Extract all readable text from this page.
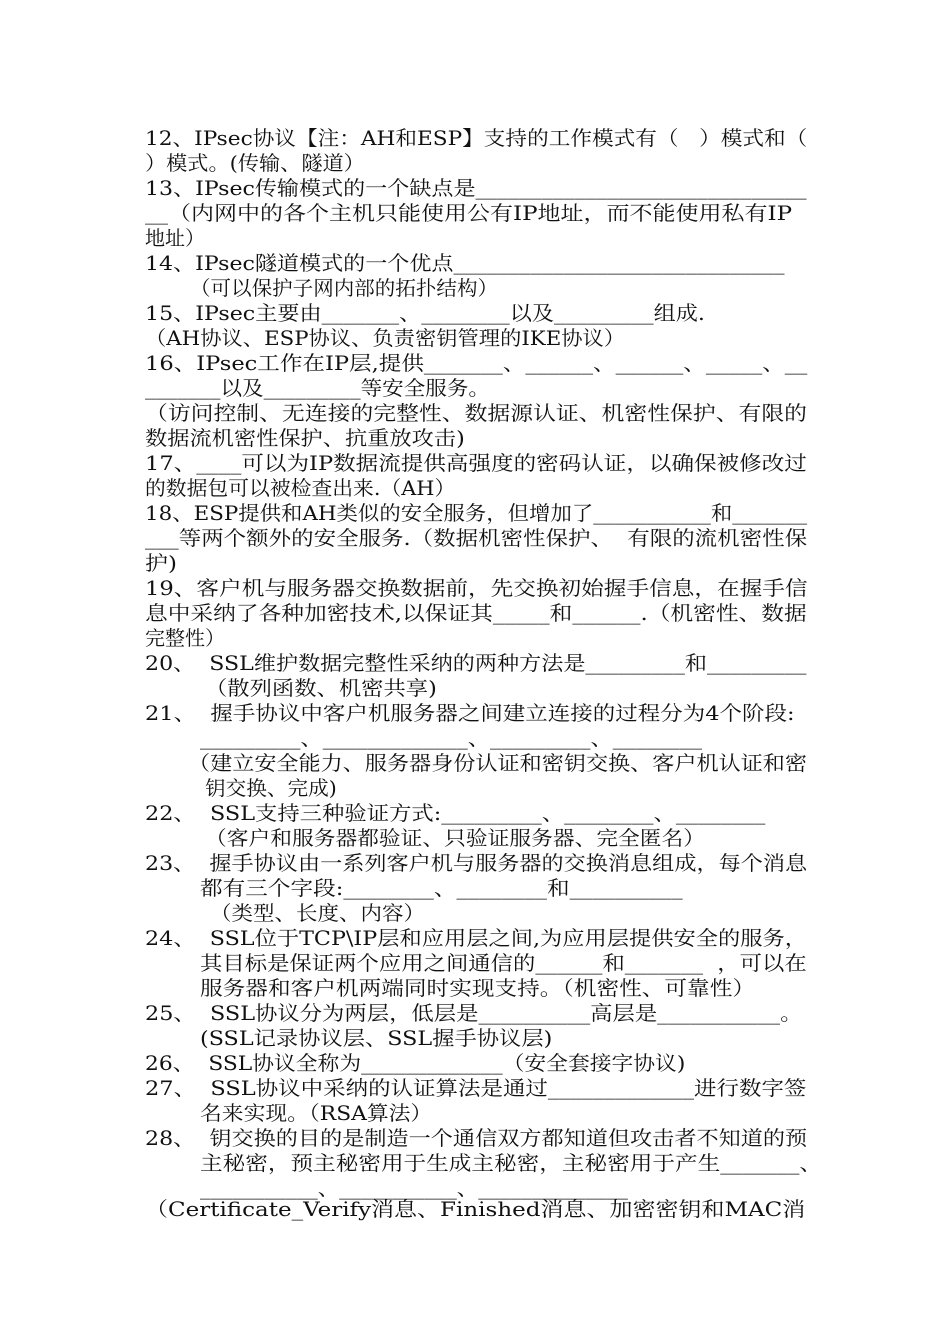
12、IPsec协议【注：AH和ESP】支持的工作模式有（   ）模式和（
）模式。(传输、隧道）
13、IPsec传输模式的一个缺点是______________________________
__（内网中的各个主机只能使用公有IP地址，而不能使用私有IP
地址）
14、IPsec隧道模式的一个优点______________________________
（可以保护子网内部的拓扑结构）
15、IPsec主要由_______、________以及_________组成.
（AH协议、ESP协议、负责密钥管理的IKE协议）
16、IPsec工作在IP层,提供_______、______、______、_____、__
_______以及_________等安全服务。
（访问控制、无连接的完整性、数据源认证、机密性保护、有限的
数据流机密性保护、抗重放攻击)
17、____可以为IP数据流提供高强度的密码认证，以确保被修改过
的数据包可以被检查出来.（AH）
18、ESP提供和AH类似的安全服务，但增加了___________和_______
___等两个额外的安全服务.（数据机密性保护、  有限的流机密性保
护)
19、客户机与服务器交换数据前，先交换初始握手信息，在握手信
息中采纳了各种加密技术,以保证其_____和______.（机密性、数据
完整性）
20、  SSL维护数据完整性采纳的两种方法是_________和_________
（散列函数、机密共享)
21、  握手协议中客户机服务器之间建立连接的过程分为4个阶段:
_________、_____________、_________、________
（建立安全能力、服务器身份认证和密钥交换、客户机认证和密
钥交换、完成)
22、  SSL支持三种验证方式:_________、________、________
（客户和服务器都验证、只验证服务器、完全匿名）
23、  握手协议由一系列客户机与服务器的交换消息组成，每个消息
都有三个字段:________、________和__________
（类型、长度、内容）
24、  SSL位于TCP\IP层和应用层之间,为应用层提供安全的服务，
其目标是保证两个应用之间通信的______和_______  ，可以在
服务器和客户机两端同时实现支持。（机密性、可靠性）
25、  SSL协议分为两层，低层是__________高层是___________。
(SSL记录协议层、SSL握手协议层)
26、  SSL协议全称为_____________（安全套接字协议)
27、  SSL协议中采纳的认证算法是通过_____________进行数字签
名来实现。（RSA算法）
28、  钥交换的目的是制造一个通信双方都知道但攻击者不知道的预
主秘密，预主秘密用于生成主秘密，主秘密用于产生_______、
___________、___________、______________
（Certificate_Verify消息、Finished消息、加密密钥和MAC消
